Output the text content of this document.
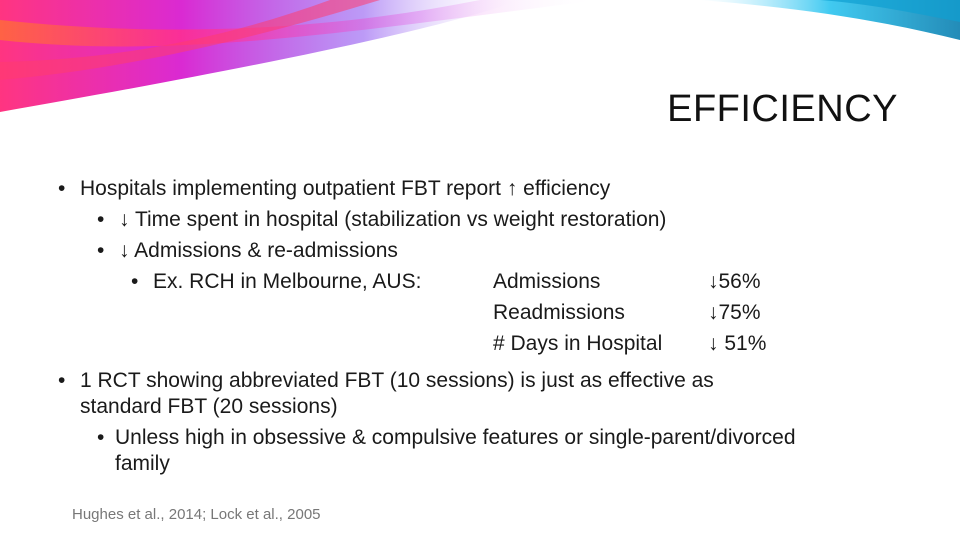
EFFICIENCY
• Hospitals implementing outpatient FBT report ↑ efficiency
• ↓ Time spent in hospital (stabilization vs weight restoration)
• ↓ Admissions & re-admissions
• Ex. RCH in Melbourne, AUS:	Admissions	↓56%
Readmissions	↓75%
# Days in Hospital ↓ 51%
• 1 RCT showing abbreviated FBT (10 sessions) is just as effective as
standard FBT (20 sessions)
• Unless high in obsessive & compulsive features or single-parent/divorced
family
Hughes et al., 2014; Lock et al., 2005
